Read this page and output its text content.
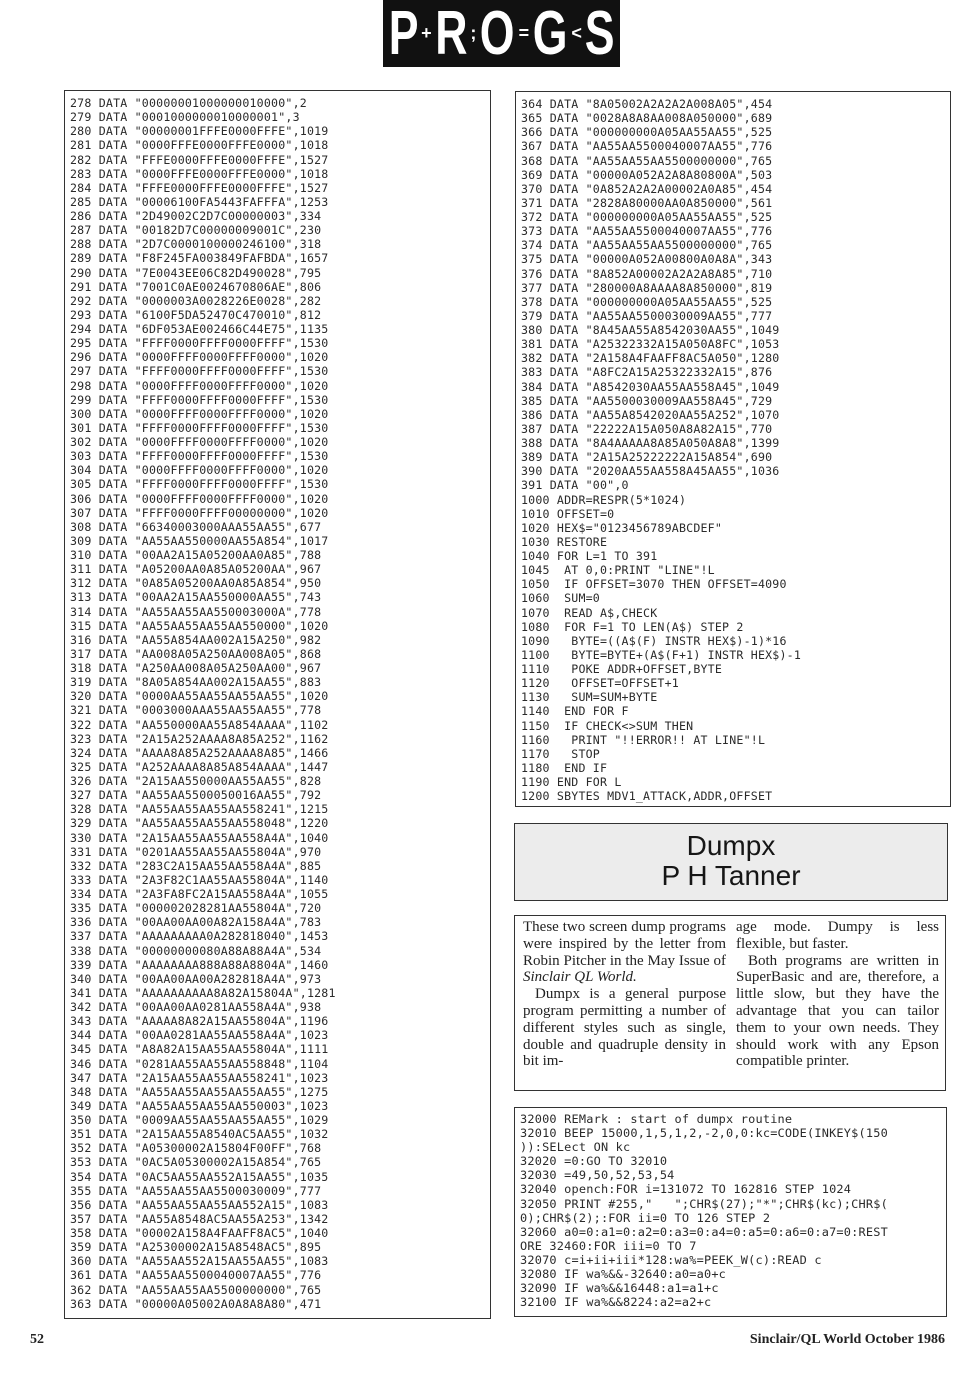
P + R ; O = G < S
278 DATA "00000001000000010000",2
279 DATA "0001000000010000001",3
280 DATA "00000001FFFE0000FFFE",1019
281 DATA "0000FFFE0000FFFE0000",1018
282 DATA "FFFE0000FFFE0000FFFE",1527
283 DATA "0000FFFE0000FFFE0000",1018
284 DATA "FFFE0000FFFE0000FFFE",1527
285 DATA "00006100FA5443FAFFFA",1253
286 DATA "2D49002C2D7C00000003",334
287 DATA "00182D7C00000009001C",230
288 DATA "2D7C0000100000246100",318
289 DATA "F8F245FA003849FAFBDA",1657
290 DATA "7E0043EE06C82D490028",795
291 DATA "7001C0AE0024670806AE",806
292 DATA "0000003A0028226E0028",282
293 DATA "6100F5DA52470C470010",812
294 DATA "6DF053AE002466C44E75",1135
295 DATA "FFFF0000FFFF0000FFFF",1530
296 DATA "0000FFFF0000FFFF0000",1020
297 DATA "FFFF0000FFFF0000FFFF",1530
298 DATA "0000FFFF0000FFFF0000",1020
299 DATA "FFFF0000FFFF0000FFFF",1530
300 DATA "0000FFFF0000FFFF0000",1020
301 DATA "FFFF0000FFFF0000FFFF",1530
302 DATA "0000FFFF0000FFFF0000",1020
303 DATA "FFFF0000FFFF0000FFFF",1530
304 DATA "0000FFFF0000FFFF0000",1020
305 DATA "FFFF0000FFFF0000FFFF",1530
306 DATA "0000FFFF0000FFFF0000",1020
307 DATA "FFFF0000FFFF00000000",1020
308 DATA "66340003000AAA55AA55",677
309 DATA "AA55AA550000AA55A854",1017
310 DATA "00AA2A15A05200AA0A85",788
311 DATA "A05200AA0A85A05200AA",967
312 DATA "0A85A05200AA0A85A854",950
313 DATA "00AA2A15AA550000AA55",743
314 DATA "AA55AA55AA550003000A",778
315 DATA "AA55AA55AA55AA550000",1020
316 DATA "AA55A854AA002A15A250",982
317 DATA "AA008A05A250AA008A05",868
318 DATA "A250AA008A05A250AA00",967
319 DATA "8A05A854AA002A15AA55",883
320 DATA "0000AA55AA55AA55AA55",1020
321 DATA "0003000AAA55AA55AA55",778
322 DATA "AA550000AA55A854AAAA",1102
323 DATA "2A15A252AAAA8A85A252",1162
324 DATA "AAAA8A85A252AAAA8A85",1466
325 DATA "A252AAAA8A85A854AAAA",1447
326 DATA "2A15AA550000AA55AA55",828
327 DATA "AA55AA5500050016AA55",792
328 DATA "AA55AA55AA55AA558241",1215
329 DATA "AA55AA55AA55AA558048",1220
330 DATA "2A15AA55AA55AA558A4A",1040
331 DATA "0201AA55AA55AA55804A",970
332 DATA "283C2A15AA55AA558A4A",885
333 DATA "2A3F82C1AA55AA55804A",1140
334 DATA "2A3FA8FC2A15AA558A4A",1055
335 DATA "000002028281AA55804A",720
336 DATA "00AA00AA00A82A158A4A",783
337 DATA "AAAAAAAAA0A282818040",1453
338 DATA "00000000080A88A88A4A",534
339 DATA "AAAAAAAA888A88A8804A",1460
340 DATA "00AA00AA00A282818A4A",973
341 DATA "AAAAAAAAAA8A82A15804A",1281
342 DATA "00AA00AA0281AA558A4A",938
343 DATA "AAAAA8A82A15AA55804A",1196
344 DATA "00AA0281AA55AA558A4A",1023
345 DATA "A8A82A15AA55AA55804A",1111
346 DATA "0281AA55AA55AA558848",1104
347 DATA "2A15AA55AA55AA558241",1023
348 DATA "AA55AA55AA55AA55AA55",1275
349 DATA "AA55AA55AA55AA550003",1023
350 DATA "0009AA55AA55AA55AA55",1029
351 DATA "2A15AA55A8540AC5AA55",1032
352 DATA "A05300002A15804F00FF",768
353 DATA "0AC5A05300002A15A854",765
354 DATA "0AC5AA55AA552A15AA55",1035
355 DATA "AA55AA55AA5500030009",777
356 DATA "AA55AA55AA55AA552A15",1083
357 DATA "AA55A8548AC5AA55A253",1342
358 DATA "00002A158A4FAAFF8AC5",1040
359 DATA "A25300002A15A8548AC5",895
360 DATA "AA55AA552A15AA55AA55",1083
361 DATA "AA55AA5500040007AA55",776
362 DATA "AA55AA55AA5500000000",765
363 DATA "00000A05002A0A8A8A80",471
364 DATA "8A05002A2A2A2A008A05",454
365 DATA "0028A8A8AA008A050000",689
366 DATA "000000000A05AA55AA55",525
367 DATA "AA55AA5500040007AA55",776
368 DATA "AA55AA55AA5500000000",765
369 DATA "00000A052A2A8A80800A",503
370 DATA "0A852A2A2A00002A0A85",454
371 DATA "2828A80000AA0A850000",561
372 DATA "000000000A05AA55AA55",525
373 DATA "AA55AA5500040007AA55",776
374 DATA "AA55AA55AA5500000000",765
375 DATA "00000A052A00800A0A8A",343
376 DATA "8A852A00002A2A2A8A85",710
377 DATA "280000A8AAAA8A850000",819
378 DATA "000000000A05AA55AA55",525
379 DATA "AA55AA5500030009AA55",777
380 DATA "8A45AA55A8542030AA55",1049
381 DATA "A25322332A15A050A8FC",1053
382 DATA "2A158A4FAAFF8AC5A050",1280
383 DATA "A8FC2A15A25322332A15",876
384 DATA "A8542030AA55AA558A45",1049
385 DATA "AA5500030009AA558A45",729
386 DATA "AA55A8542020AA55A252",1070
387 DATA "22222A15A050A8A82A15",770
388 DATA "8A4AAAAA8A85A050A8A8",1399
389 DATA "2A15A25222222A15A854",690
390 DATA "2020AA55AA558A45AA55",1036
391 DATA "00",0
1000 ADDR=RESPR(5*1024)
1010 OFFSET=0
1020 HEX$="0123456789ABCDEF"
1030 RESTORE
1040 FOR L=1 TO 391
1045  AT 0,0:PRINT "LINE"!L
1050  IF OFFSET=3070 THEN OFFSET=4090
1060  SUM=0
1070  READ A$,CHECK
1080  FOR F=1 TO LEN(A$) STEP 2
1090   BYTE=((A$(F) INSTR HEX$)-1)*16
1100   BYTE=BYTE+(A$(F+1) INSTR HEX$)-1
1110   POKE ADDR+OFFSET,BYTE
1120   OFFSET=OFFSET+1
1130   SUM=SUM+BYTE
1140  END FOR F
1150  IF CHECK<>SUM THEN
1160   PRINT "!!ERROR!! AT LINE"!L
1170   STOP
1180  END IF
1190 END FOR L
1200 SBYTES MDV1_ATTACK,ADDR,OFFSET
Dumpx
P H Tanner

These two screen dump programs were inspired by the letter from Robin Pitcher in the May Issue of Sinclair QL World.

Dumpx is a general purpose program permitting a number of different styles such as single, double and quadruple density in bit im-

age mode. Dumpy is less flexible, but faster.

Both programs are written in SuperBasic and are, therefore, a little slow, but they have the advantage that you can tailor them to your own needs. They should work with any Epson compatible printer.

32000 REMark : start of dumpx routine
32010 BEEP 15000,1,5,1,2,-2,0,0:kc=CODE(INKEY$(150
)):SELect ON kc
32020 =0:GO TO 32010
32030 =49,50,52,53,54
32040 opench:FOR i=131072 TO 162816 STEP 1024
32050 PRINT #255,"   ";CHR$(27);"*";CHR$(kc);CHR$(
0);CHR$(2);:FOR ii=0 TO 126 STEP 2
32060 a0=0:a1=0:a2=0:a3=0:a4=0:a5=0:a6=0:a7=0:REST
ORE 32460:FOR iii=0 TO 7
32070 c=i+ii+iii*128:wa%=PEEK_W(c):READ c
32080 IF wa%&&-32640:a0=a0+c
32090 IF wa%&&16448:a1=a1+c
32100 IF wa%&&8224:a2=a2+c
52	Sinclair/QL World October 1986
